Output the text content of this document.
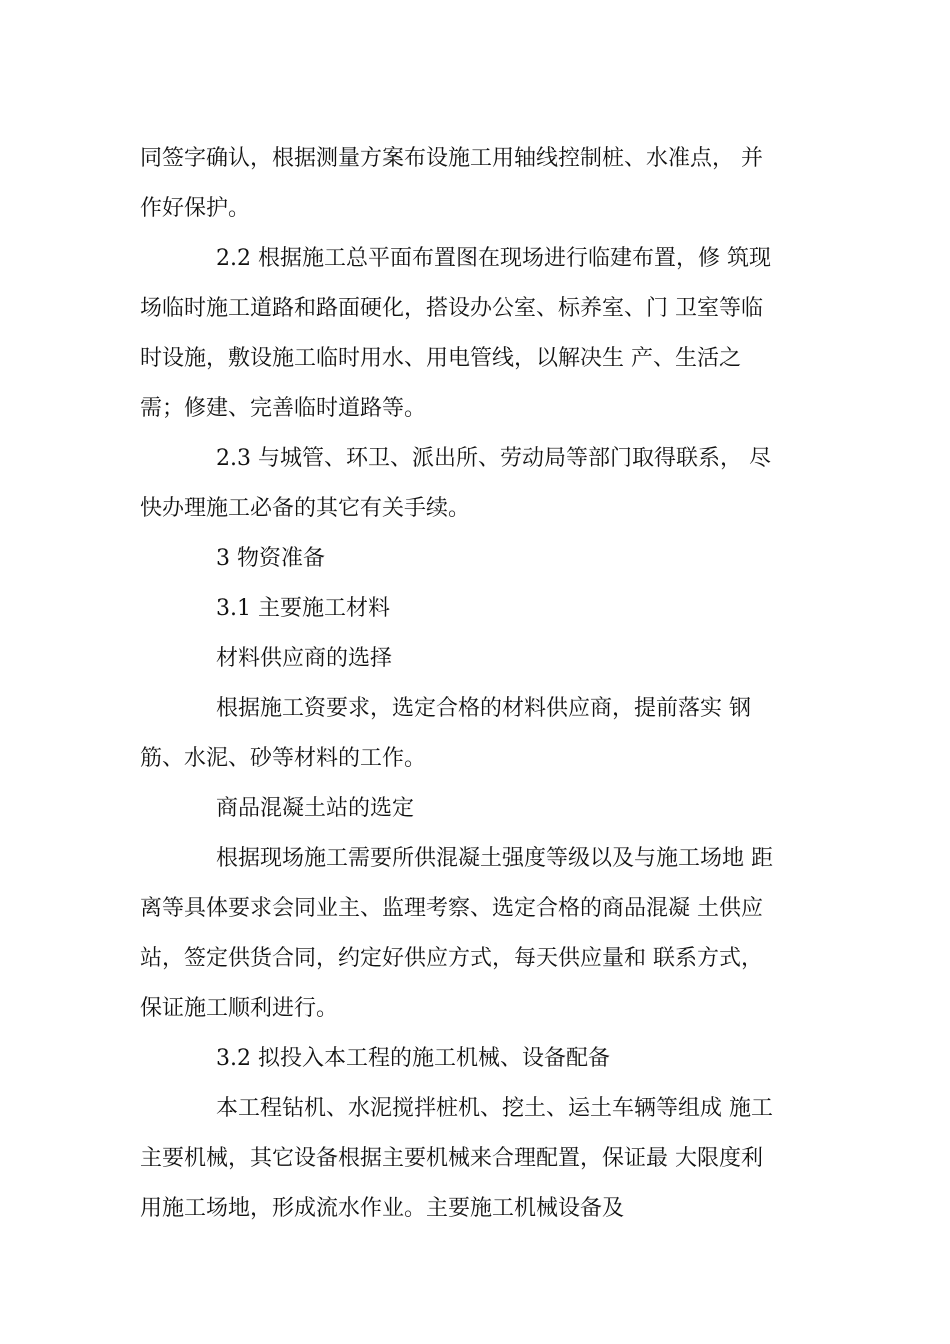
同签字确认，根据测量方案布设施工用轴线控制桩、水准点， 并
作好保护。
2.2 根据施工总平面布置图在现场进行临建布置，修 筑现
场临时施工道路和路面硬化，搭设办公室、标养室、门 卫室等临
时设施，敷设施工临时用水、用电管线，以解决生 产、生活之
需；修建、完善临时道路等。
2.3 与城管、环卫、派出所、劳动局等部门取得联系， 尽
快办理施工必备的其它有关手续。
3 物资准备
3.1 主要施工材料
材料供应商的选择
根据施工资要求，选定合格的材料供应商，提前落实 钢
筋、水泥、砂等材料的工作。
商品混凝土站的选定
根据现场施工需要所供混凝土强度等级以及与施工场地 距
离等具体要求会同业主、监理考察、选定合格的商品混凝 土供应
站，签定供货合同，约定好供应方式，每天供应量和 联系方式，
保证施工顺利进行。
3.2 拟投入本工程的施工机械、设备配备
本工程钻机、水泥搅拌桩机、挖土、运土车辆等组成 施工
主要机械，其它设备根据主要机械来合理配置，保证最 大限度利
用施工场地，形成流水作业。主要施工机械设备及
